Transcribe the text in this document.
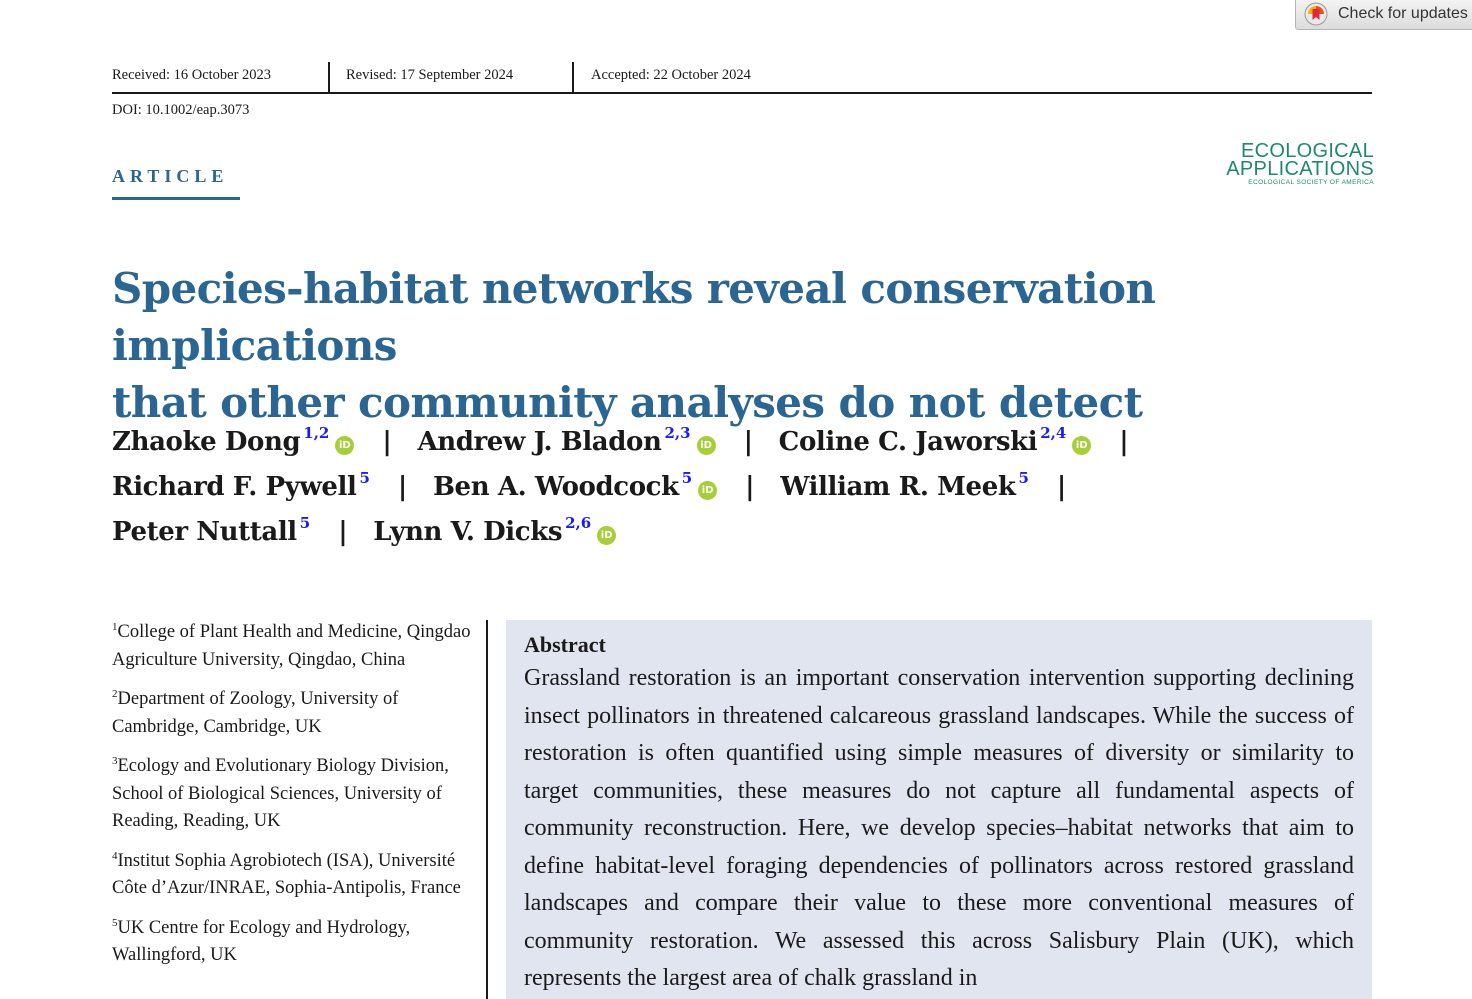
Check for updates
Received: 16 October 2023	Revised: 17 September 2024	Accepted: 22 October 2024
DOI: 10.1002/eap.3073
ARTICLE
ECOLOGICAL
APPLICATIONS
ECOLOGICAL SOCIETY OF AMERICA
Species-habitat networks reveal conservation implications
that other community analyses do not detect
Zhaoke Dong $^{1,2}$iD | Andrew J. Bladon $^{2,3}$iD | Coline C. Jaworski $^{2,4}$iD |
Richard F. Pywell $^5$ | Ben A. Woodcock $^5$iD | William R. Meek $^5$ |
Peter Nuttall $^5$ | Lynn V. Dicks $^{2,6}$iD
$^1$College of Plant Health and Medicine, Qingdao Agriculture University, Qingdao, China
$^2$Department of Zoology, University of Cambridge, Cambridge, UK
$^3$Ecology and Evolutionary Biology Division, School of Biological Sciences, University of Reading, Reading, UK
$^4$Institut Sophia Agrobiotech (ISA), Université Côte d’Azur/INRAE, Sophia-Antipolis, France
$^5$UK Centre for Ecology and Hydrology, Wallingford, UK
Abstract

Grassland restoration is an important conservation intervention supporting declining insect pollinators in threatened calcareous grassland landscapes. While the success of restoration is often quantified using simple measures of diversity or similarity to target communities, these measures do not capture all fundamental aspects of community reconstruction. Here, we develop species–habitat networks that aim to define habitat-level foraging dependencies of pollinators across restored grassland landscapes and compare their value to these more conventional measures of community restoration. We assessed this across Salisbury Plain (UK), which represents the largest area of chalk grassland in
